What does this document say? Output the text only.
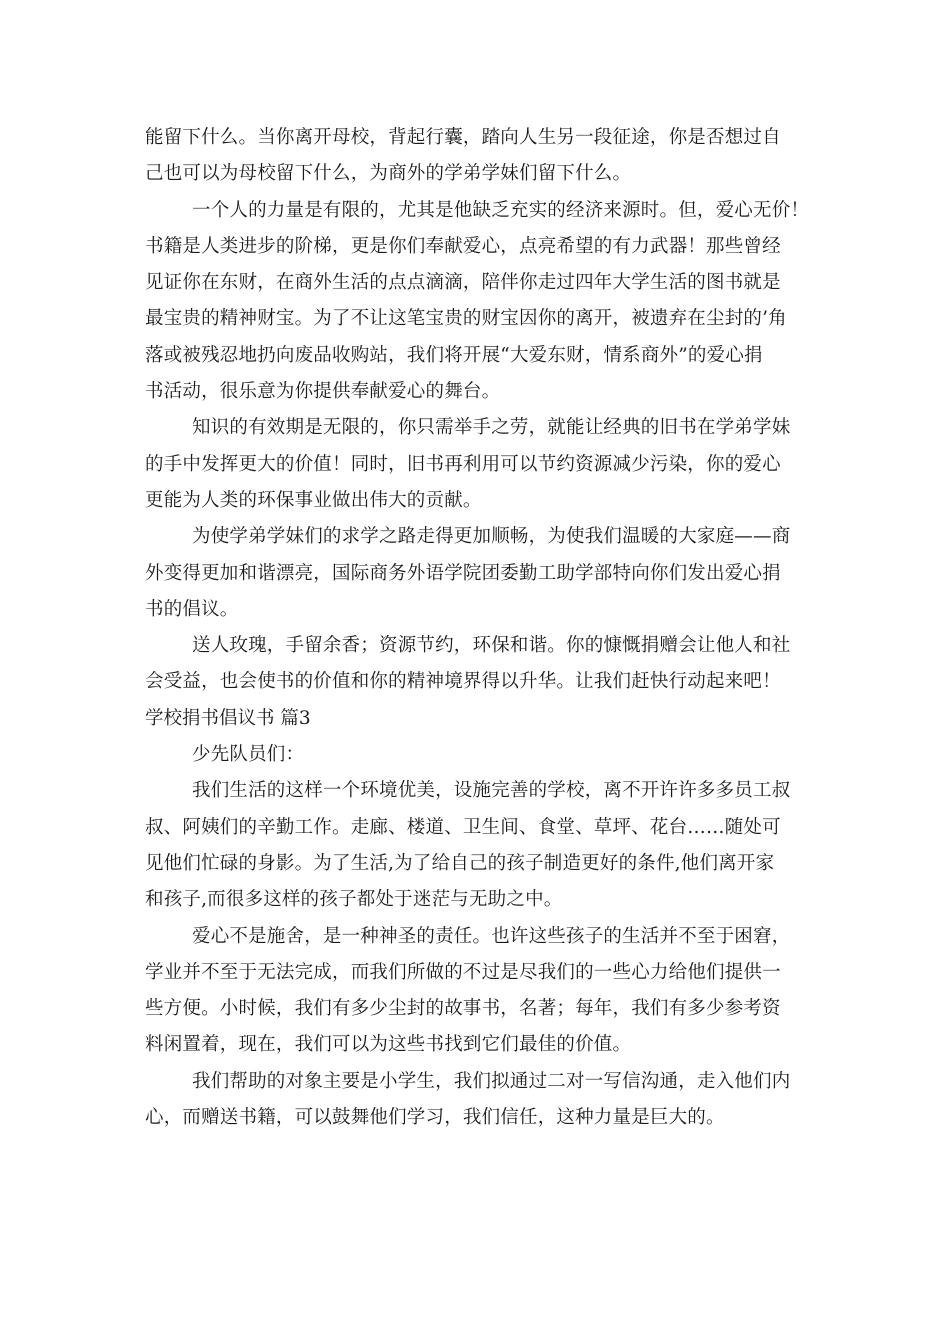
能留下什么。当你离开母校，背起行囊，踏向人生另一段征途，你是否想过自
己也可以为母校留下什么，为商外的学弟学妹们留下什么。
一个人的力量是有限的，尤其是他缺乏充实的经济来源时。但，爱心无价！
书籍是人类进步的阶梯，更是你们奉献爱心，点亮希望的有力武器！那些曾经
见证你在东财，在商外生活的点点滴滴，陪伴你走过四年大学生活的图书就是
最宝贵的精神财宝。为了不让这笔宝贵的财宝因你的离开，被遗弃在尘封的’角
落或被残忍地扔向废品收购站，我们将开展“大爱东财，情系商外”的爱心捐
书活动，很乐意为你提供奉献爱心的舞台。
知识的有效期是无限的，你只需举手之劳，就能让经典的旧书在学弟学妹
的手中发挥更大的价值！同时，旧书再利用可以节约资源减少污染，你的爱心
更能为人类的环保事业做出伟大的贡献。
为使学弟学妹们的求学之路走得更加顺畅，为使我们温暖的大家庭——商
外变得更加和谐漂亮，国际商务外语学院团委勤工助学部特向你们发出爱心捐
书的倡议。
送人玫瑰，手留余香；资源节约，环保和谐。你的慷慨捐赠会让他人和社
会受益，也会使书的价值和你的精神境界得以升华。让我们赶快行动起来吧！
学校捐书倡议书 篇3
少先队员们：
我们生活的这样一个环境优美，设施完善的学校，离不开许许多多员工叔
叔、阿姨们的辛勤工作。走廊、楼道、卫生间、食堂、草坪、花台……随处可
见他们忙碌的身影。为了生活,为了给自己的孩子制造更好的条件,他们离开家
和孩子,而很多这样的孩子都处于迷茫与无助之中。
爱心不是施舍，是一种神圣的责任。也许这些孩子的生活并不至于困窘，
学业并不至于无法完成，而我们所做的不过是尽我们的一些心力给他们提供一
些方便。小时候，我们有多少尘封的故事书，名著；每年，我们有多少参考资
料闲置着，现在，我们可以为这些书找到它们最佳的价值。
我们帮助的对象主要是小学生，我们拟通过二对一写信沟通，走入他们内
心，而赠送书籍，可以鼓舞他们学习，我们信任，这种力量是巨大的。
